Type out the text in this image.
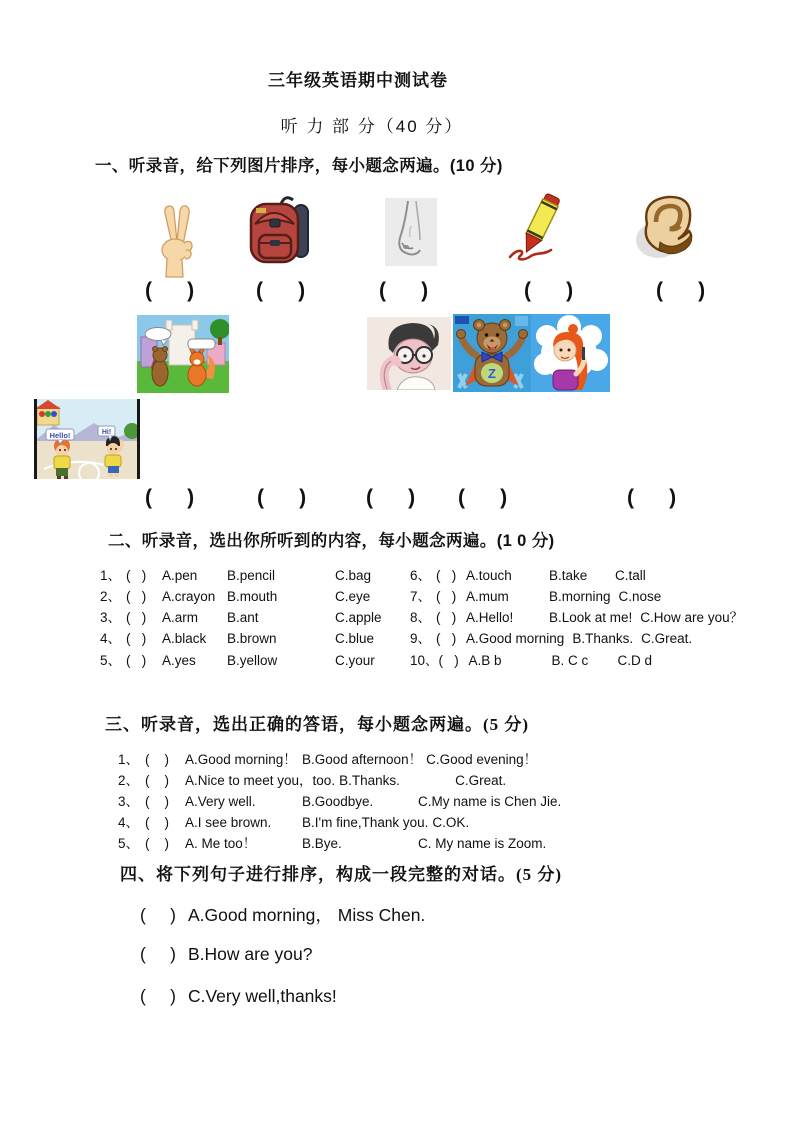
三年级英语期中测试卷
听 力 部 分（40 分）
一、听录音，给下列图片排序，每小题念两遍。(10 分)
(     )	(     )	(     )	(     )	(     )
Z
Hello!	Hi!
(     )	(     )	(     ) (     )	(     )
二、听录音，选出你所听到的内容，每小题念两遍。(1 0 分)
1、 (   )	A.pen	B.pencil	C.bag
2、 (   )	A.crayon B.mouth	C.eye
3、 (   )	A.arm	B.ant	C.apple
4、 (   )	A.black	B.brown	C.blue
5、 (   )	A.yes	B.yellow	C.your
6、 (   ) A.touch	B.take	C.tall
7、 (   ) A.mum	B.morning C.nose
8、 (   ) A.Hello!	B.Look at me! C.How are you？
9、 (   ) A.Good morning B.Thanks. C.Great.
10、 (   ) A.B b	B. C c	C.D d
三、听录音，选出正确的答语，每小题念两遍。(5 分)
1、 (    )	A.Good morning！ B.Good afternoon！ C.Good evening！
2、 (    )	A.Nice to meet you，too. B.Thanks.	C.Great.
3、 (    )	A.Very well.	B.Goodbye.	C.My name is Chen Jie.
4、 (    )	A.I see brown.	B.I'm fine,Thank you. C.OK.
5、 (    )	A. Me too！	B.Bye.	C. My name is Zoom.
四、将下列句子进行排序，构成一段完整的对话。(5 分)
(     ) A.Good morning， Miss Chen.
(     ) B.How are you?
(     ) C.Very well,thanks!
